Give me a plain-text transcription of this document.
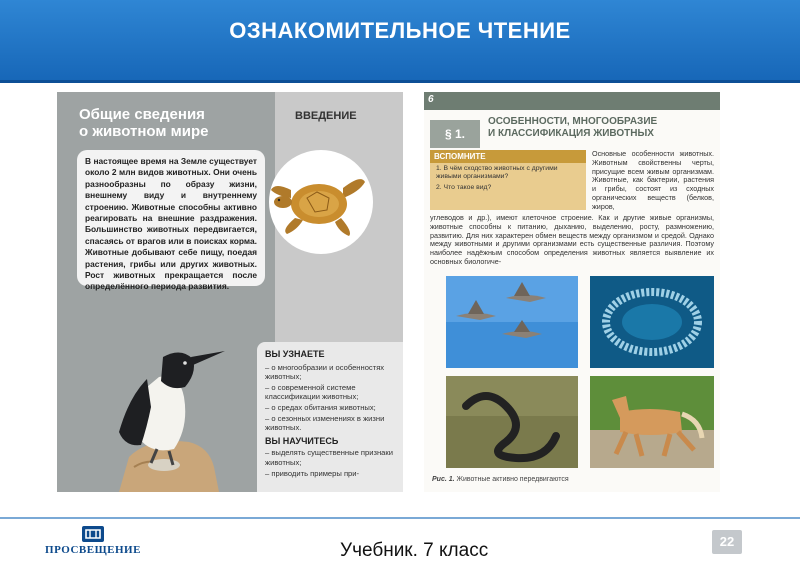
ОЗНАКОМИТЕЛЬНОЕ ЧТЕНИЕ
ВВЕДЕНИЕ
Общие сведения
о животном мире
В настоящее время на Земле существует около 2 млн видов животных. Они очень разнообразны по образу жизни, внешнему виду и внутреннему строению. Животные способны активно реагировать на внешние раздражения. Большинство животных передвигается, спасаясь от врагов или в поисках корма. Животные добывают себе пищу, поедая растения, грибы или других животных. Рост животных прекращается после определённого периода развития.
ВЫ УЗНАЕТЕ

– о многообразии и особенностях животных;

– о современной системе классификации животных;

– о средах обитания животных;

– о сезонных изменениях в жизни животных.

ВЫ НАУЧИТЕСЬ

– выделять существенные признаки животных;

– приводить примеры при-

6
§ 1.
ОСОБЕННОСТИ, МНОГООБРАЗИЕ
И КЛАССИФИКАЦИЯ ЖИВОТНЫХ
ВСПОМНИТЕ
1. В чём сходство животных с другими живыми организмами?
2. Что такое вид?
Основные особенности животных. Животным свойственны черты, присущие всем живым организмам. Животные, как бактерии, растения и грибы, состоят из сходных органических веществ (белков, жиров,
углеводов и др.), имеют клеточное строение. Как и другие живые организмы, животные способны к питанию, дыханию, выделению, росту, размножению, развитию. Для них характерен обмен веществ между организмом и средой. Однако между животными и другими организмами есть существенные различия. Поэтому наиболее надёжным способом определения животных является выявление их основных биологиче-
Рис. 1. Животные активно передвигаются
ПРОСВЕЩЕНИЕ	Учебник. 7 класс	22
